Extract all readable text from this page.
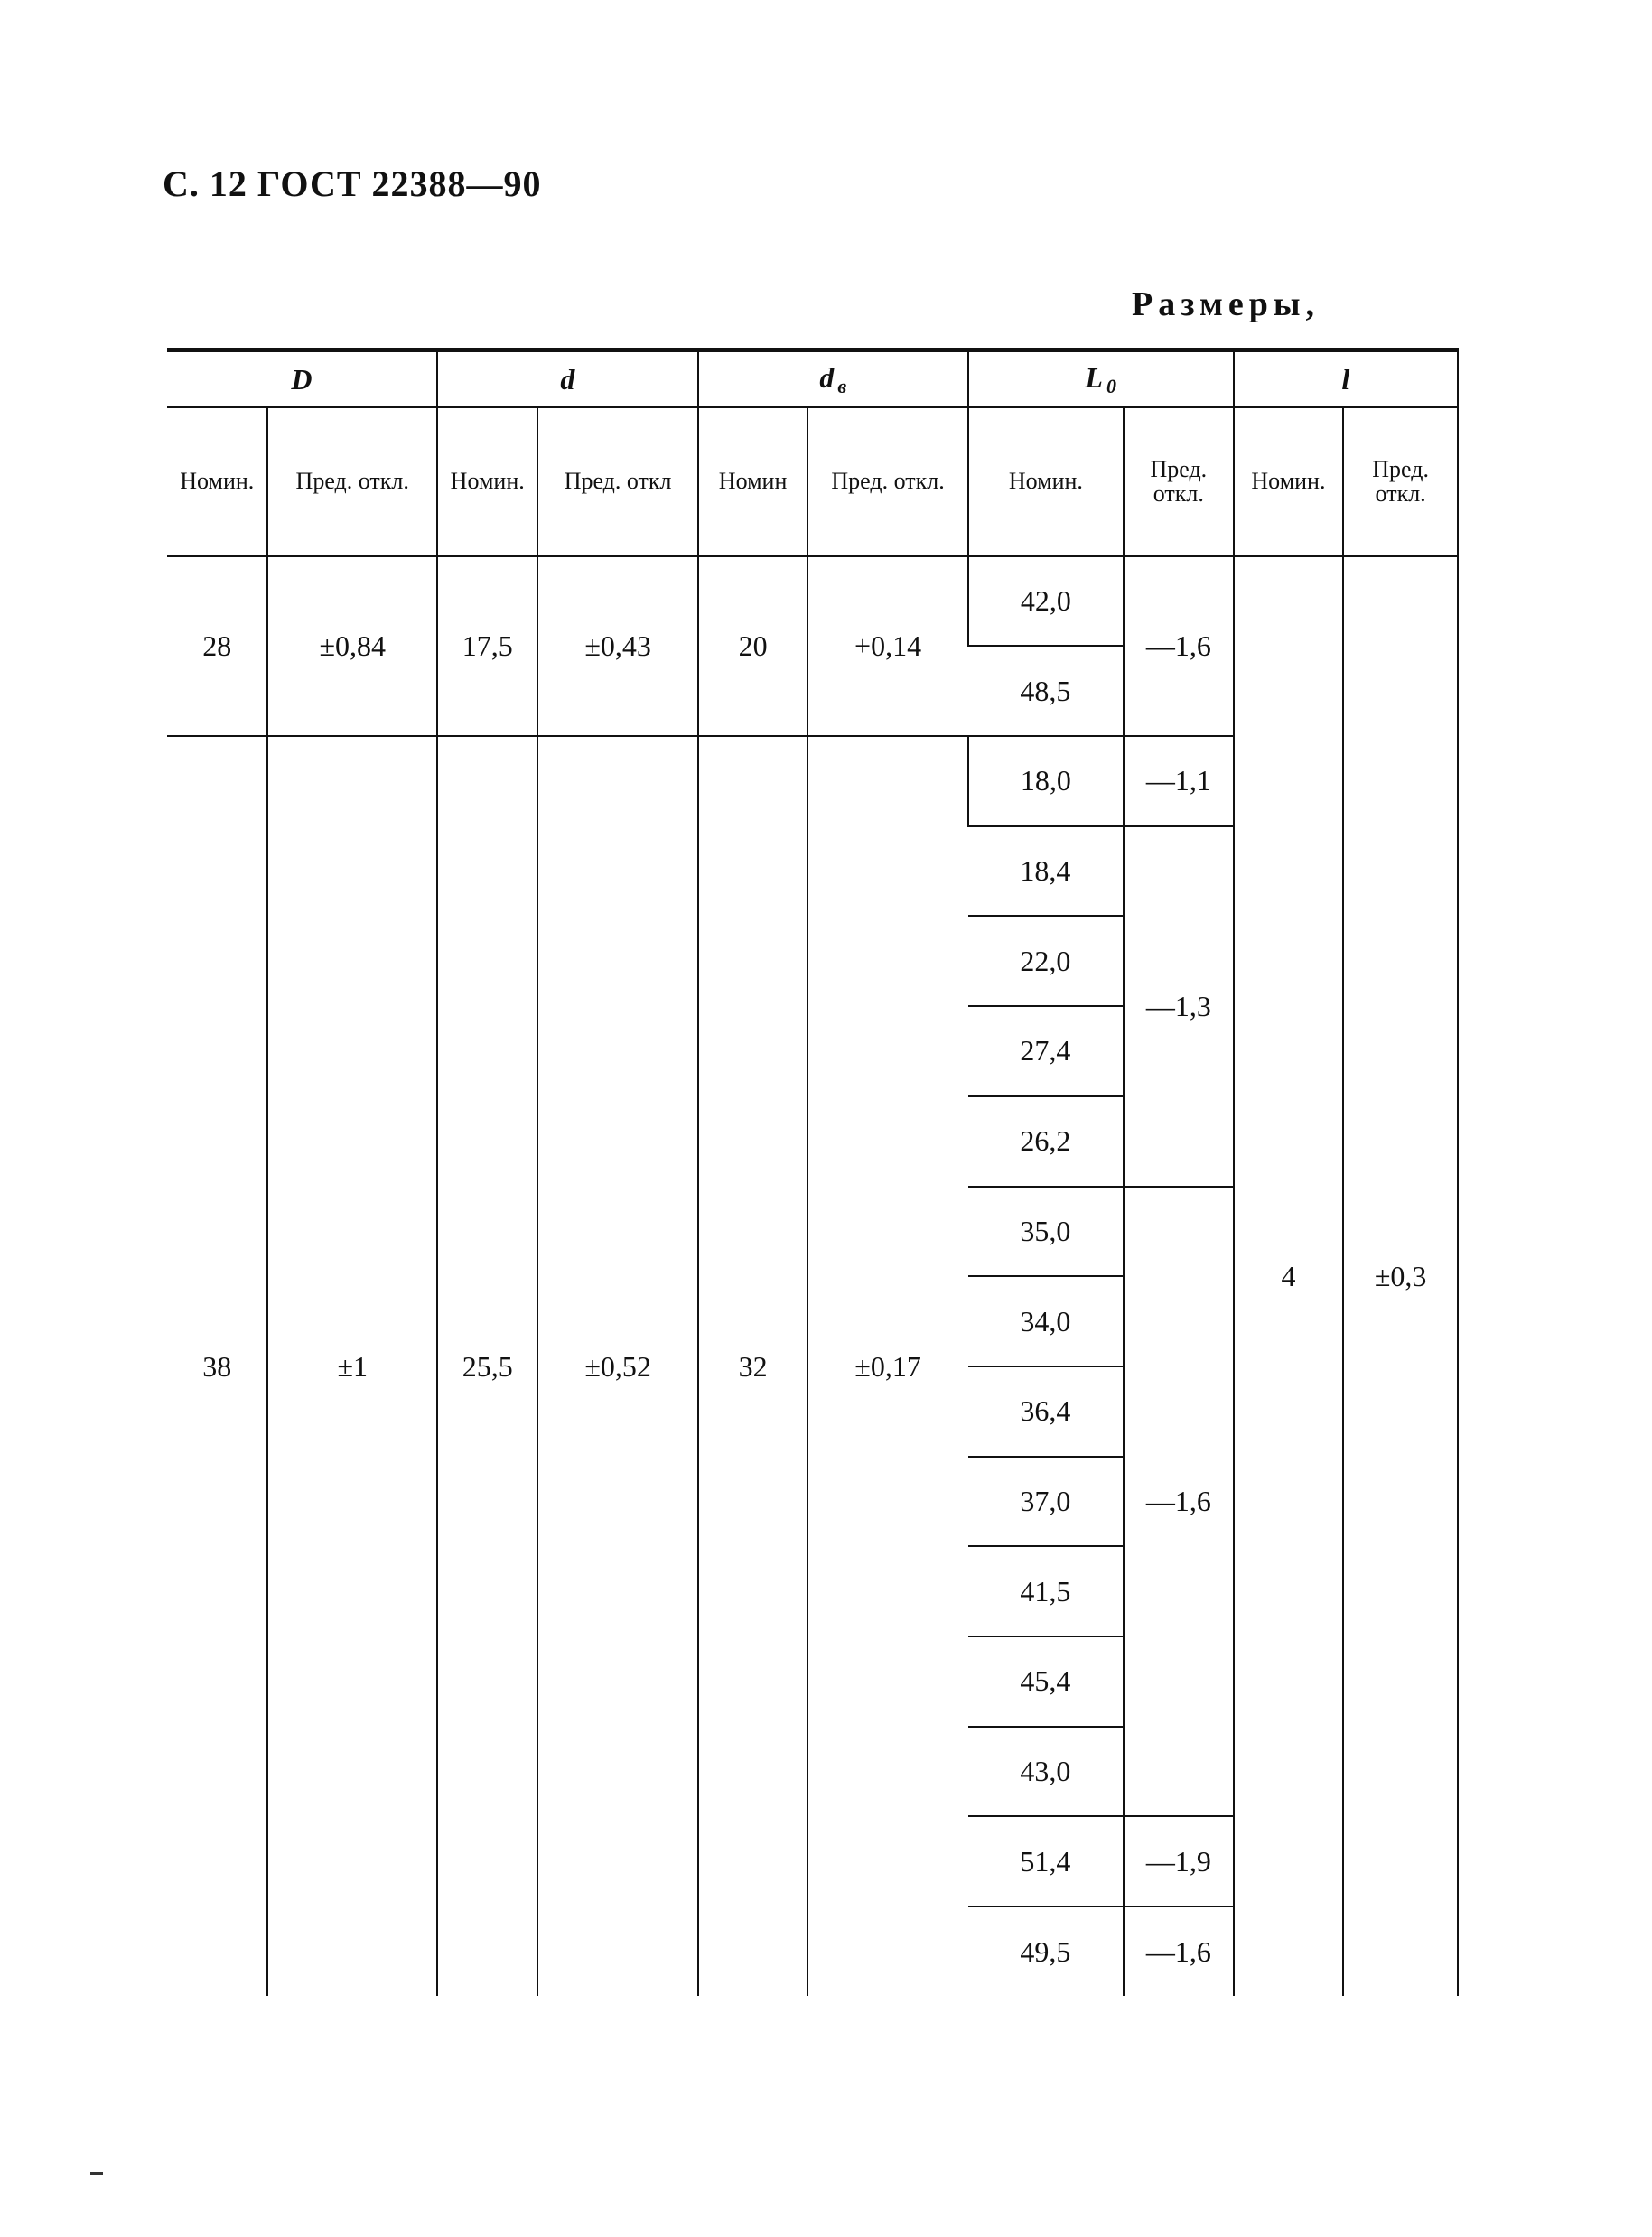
С. 12 ГОСТ 22388—90
Размеры,
D		d		d в		L 0		l	
Номин.	Пред. откл.	Номин.	Пред. откл	Номин	Пред. откл.	Номин.	Пред. откл.	Номин.	Пред. откл.
28	±0,84	17,5	±0,43	20	+0,14	42,0	—1,6	4	±0,3
						48,5			
38	±1	25,5	±0,52	32	±0,17	18,0	—1,1		
						18,4	—1,3		
						22,0			
						27,4			
						26,2			
						35,0	—1,6		
						34,0			
						36,4			
						37,0			
						41,5			
						45,4			
						43,0			
						51,4	—1,9		
						49,5	—1,6		
